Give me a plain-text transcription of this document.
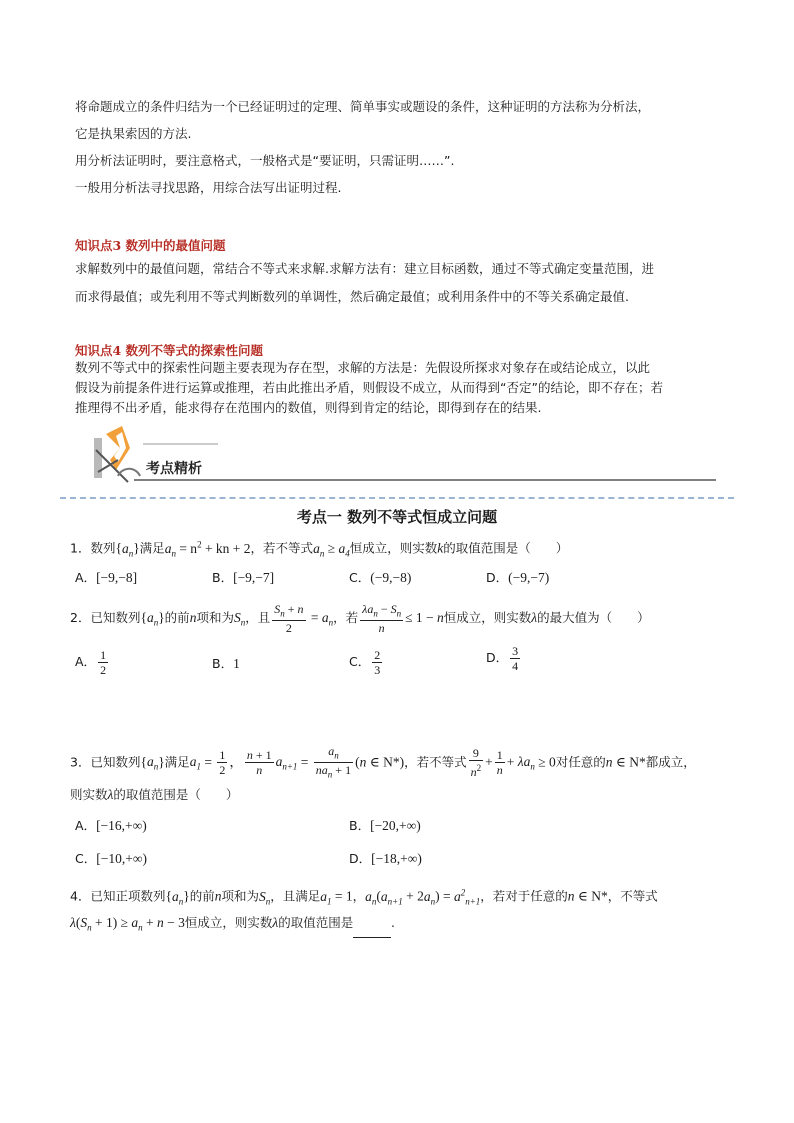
将命题成立的条件归结为一个已经证明过的定理、简单事实或题设的条件，这种证明的方法称为分析法，
它是执果索因的方法.
用分析法证明时，要注意格式，一般格式是“要证明，只需证明……”.
一般用分析法寻找思路，用综合法写出证明过程.
知识点3 数列中的最值问题
求解数列中的最值问题，常结合不等式来求解.求解方法有：建立目标函数，通过不等式确定变量范围，进
而求得最值；或先利用不等式判断数列的单调性，然后确定最值；或利用条件中的不等关系确定最值.
知识点4 数列不等式的探索性问题
数列不等式中的探索性问题主要表现为存在型，求解的方法是：先假设所探求对象存在或结论成立，以此
假设为前提条件进行运算或推理，若由此推出矛盾，则假设不成立，从而得到“否定”的结论，即不存在；若
推理得不出矛盾，能求得存在范围内的数值，则得到肯定的结论，即得到存在的结果.
考点精析
考点一 数列不等式恒成立问题
1．数列$\{a_n\}$满足$a_n = n^2$ + kn + 2，若不等式$a_n \ge a_4$恒成立，则实数k的取值范围是（　　）
A．[−9,−8]	B．[−9,−7]	C．(−9,−8)	D．(−9,−7)
2．已知数列$\{a_n\}$的前n项和为$S_n$，且 $\frac{S_n + n}{2} = a_n$，若 $\frac{\lambda a_n - S_n}{n} \le 1 - n$恒成立，则实数λ的最大值为（　　）
A． $\frac{1}{2}$	B．1	C． $\frac{2}{3}$	D． $\frac{3}{4}$
3．已知数列$\{a_n\}$满足$a_1 = \frac{1}{2}$ ， $\frac{n + 1}{n} a_{n+1} = \frac{a_n}{na_n + 1} (n$ ∈ N*)，若不等式 $\frac{9}{n^2} + \frac{1}{n} + \lambda a_n \ge 0$对任意的n ∈ N*都成立，
则实数λ的取值范围是（　　）
A．[−16,+∞)	B．[−20,+∞)
C．[−10,+∞)	D．[−18,+∞)
4．已知正项数列$\{a_n\}$的前n项和为$S_n$，且满足$a_1 = 1$，$a_n(a_{n+1} + 2a_n) = a^2_{n+1}$，若对于任意的n ∈ N*，不等式
$\lambda(S_n + 1) \ge a_n + n - 3$恒成立，则实数λ的取值范围是	.
